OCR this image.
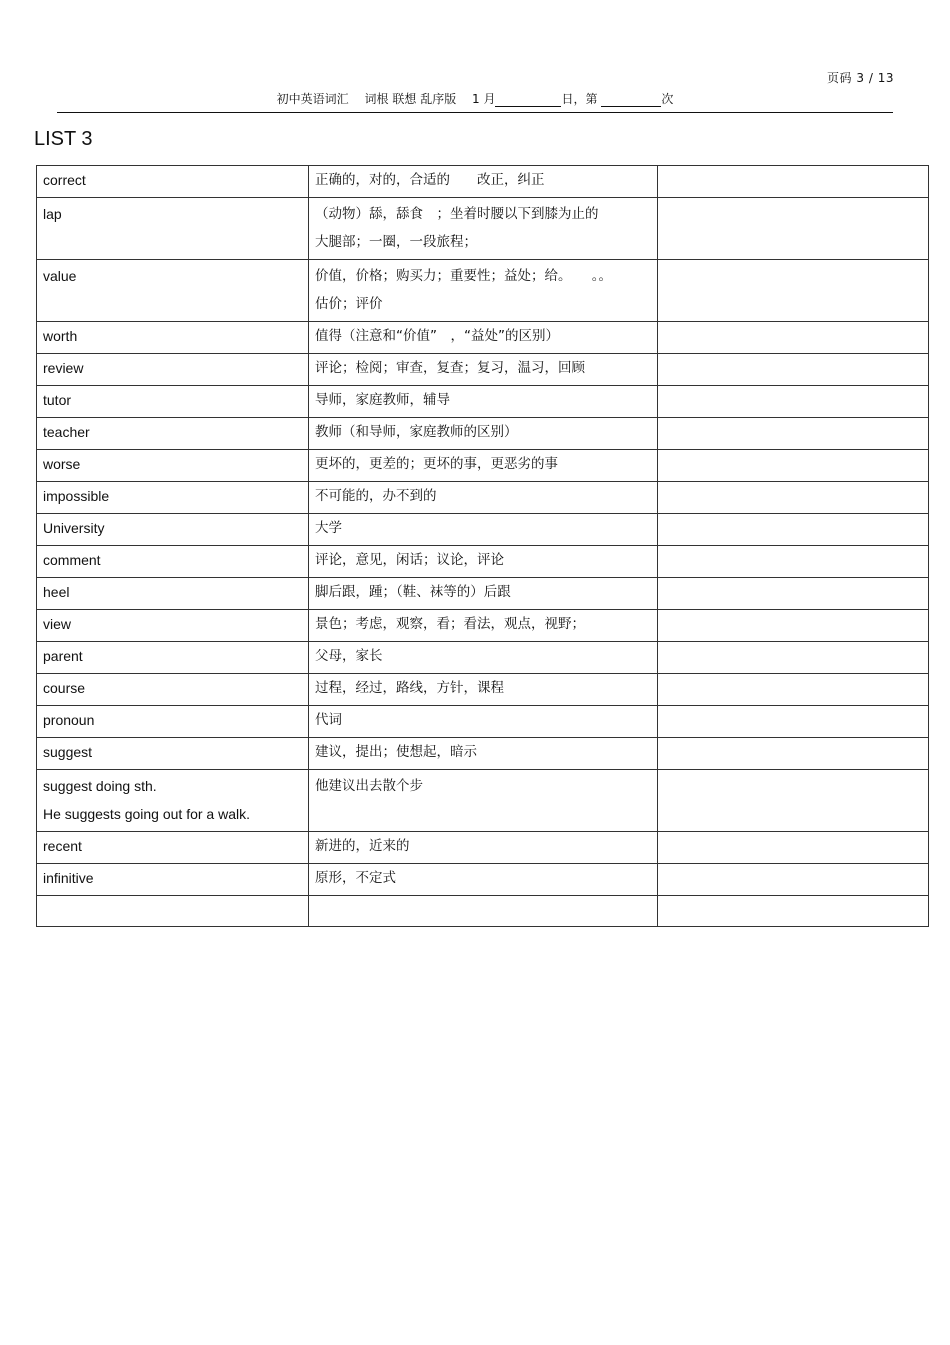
页码 3 / 13
初中英语词汇 词根 联想 乱序版 1 月	日，第	次
LIST 3
correct	正确的，对的，合适的　　改正，纠正	

lap	（动物）舔，舔食　；坐着时腰以下到膝为止的
大腿部；一圈，一段旅程；	

value	价值，价格；购买力；重要性；益处；给。　　。。
估价；评价	

worth	值得（注意和“价值”　，“益处”的区别）	

review	评论；检阅；审查，复查；复习，温习，回顾	

tutor	导师，家庭教师，辅导	

teacher	教师（和导师，家庭教师的区别）	

worse	更坏的，更差的；更坏的事，更恶劣的事	

impossible	不可能的，办不到的	

University	大学	

comment	评论，意见，闲话；议论，评论	

heel	脚后跟，踵；（鞋、袜等的）后跟	

view	景色；考虑，观察，看；看法，观点，视野；	

parent	父母，家长	

course	过程，经过，路线，方针，课程	

pronoun	代词	

suggest	建议，提出；使想起，暗示	

suggest doing sth.
He suggests going out for a walk.	他建议出去散个步	

recent	新进的，近来的	

infinitive	原形，不定式	
